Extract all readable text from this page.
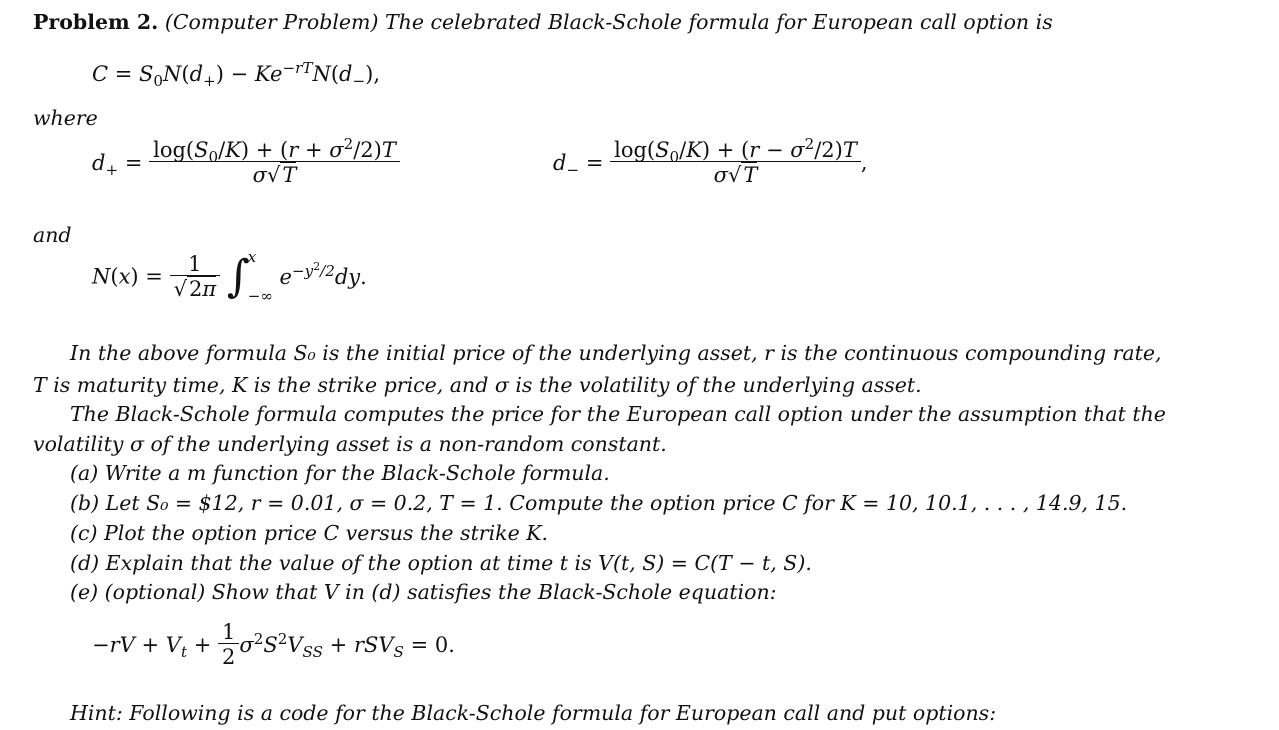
Problem 2. (Computer Problem) The celebrated Black-Schole formula for European call option is
$C = S_0N(d_+) - Ke^{-rT}N(d_-)$,
where
$d_+ = \frac{\log(S_0/K) + (r + \sigma^2/2)T}{\sigma√T}$	$d_- = \frac{\log(S_0/K) + (r - \sigma^2/2)T}{\sigma√T}$ ,
and
$N(x) = \frac{1}{√2\pi}$ ∫
x
−∞
$e^{-y^2/2}dy$.
In the above formula S₀ is the initial price of the underlying asset, r is the continuous compounding rate,
T is maturity time, K is the strike price, and σ is the volatility of the underlying asset.
The Black-Schole formula computes the price for the European call option under the assumption that the
volatility σ of the underlying asset is a non-random constant.
(a) Write a m function for the Black-Schole formula.
(b) Let S₀ = $12, r = 0.01, σ = 0.2, T = 1. Compute the option price C for K = 10, 10.1, . . . , 14.9, 15.
(c) Plot the option price C versus the strike K.
(d) Explain that the value of the option at time t is V(t, S) = C(T − t, S).
(e) (optional) Show that V in (d) satisfies the Black-Schole equation:
$-rV + V_t + \frac{1}{2} \sigma^2S^2V_{SS} + rSV_S = 0$.
Hint: Following is a code for the Black-Schole formula for European call and put options:
